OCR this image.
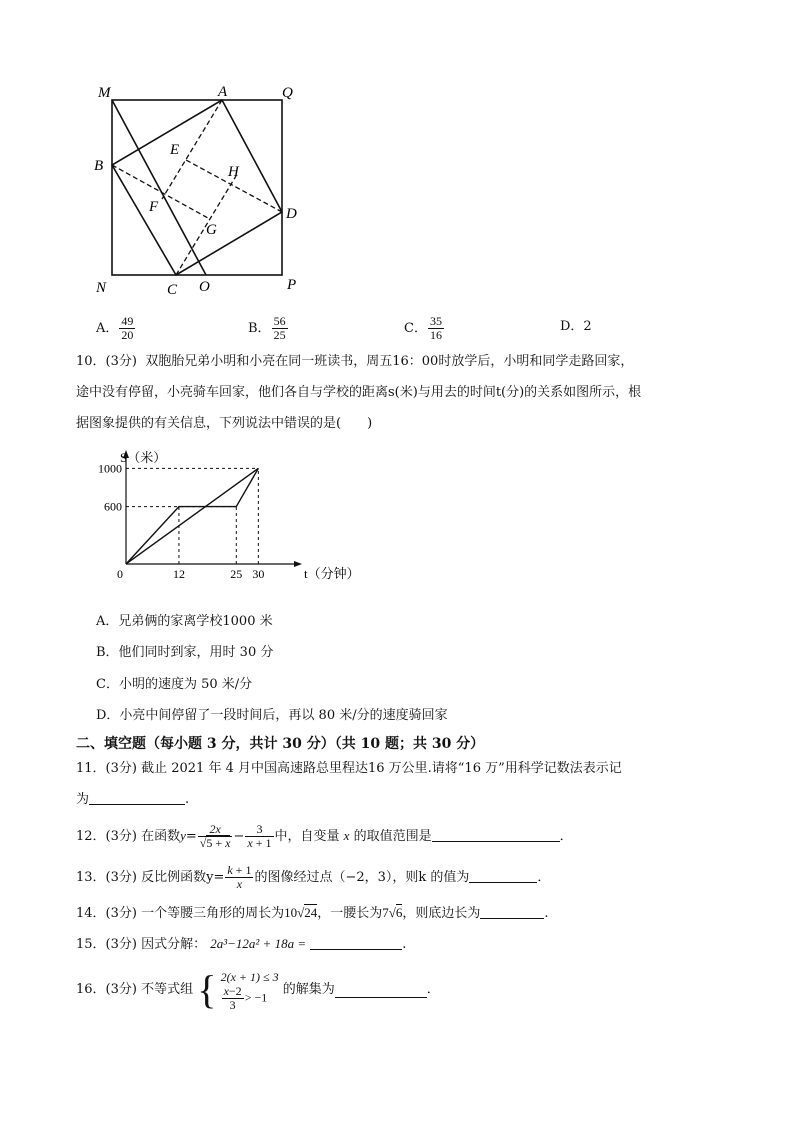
M	A	Q
B
E
H
F	D
G
N	C O	P
A． $\frac{49}{20}$	B． $\frac{56}{25}$	C． $\frac{35}{16}$	D．2
10．(3分) 双胞胎兄弟小明和小亮在同一班读书，周五16：00时放学后，小明和同学走路回家，
途中没有停留，小亮骑车回家，他们各自与学校的距离s(米)与用去的时间t(分)的关系如图所示，根
据图象提供的有关信息，下列说法中错误的是(　　)
S（米）
t（分钟）
600
1000
0	12	25 30
A．兄弟俩的家离学校1000 米
B．他们同时到家，用时 30 分
C．小明的速度为 50 米/分
D．小亮中间停留了一段时间后，再以 80 米/分的速度骑回家
二、填空题（每小题 3 分，共计 30 分）（共 10 题；共 30 分）
11．(3分) 截止 2021 年 4 月中国高速路总里程达16 万公里.请将“16 万”用科学记数法表示记
为	.
12．(3分) 在函数$y= \frac{2x}{√5 + x} - \frac{3}{x + 1}$ 中，自变量 x 的取值范围是	．
13．(3分) 反比例函数$y= \frac{k + 1}{x}$ 的图像经过点（−2，3），则k 的值为	．
14．(3分) 一个等腰三角形的周长为10√24，一腰长为7√6，则底边长为	.
15．(3分) 因式分解： 2a³−12a² + 18a =	.
16．(3分) 不等式组 { 2(x + 1) ≤ 3
$\frac{x-2}{3} > -1$	的解集为	．
